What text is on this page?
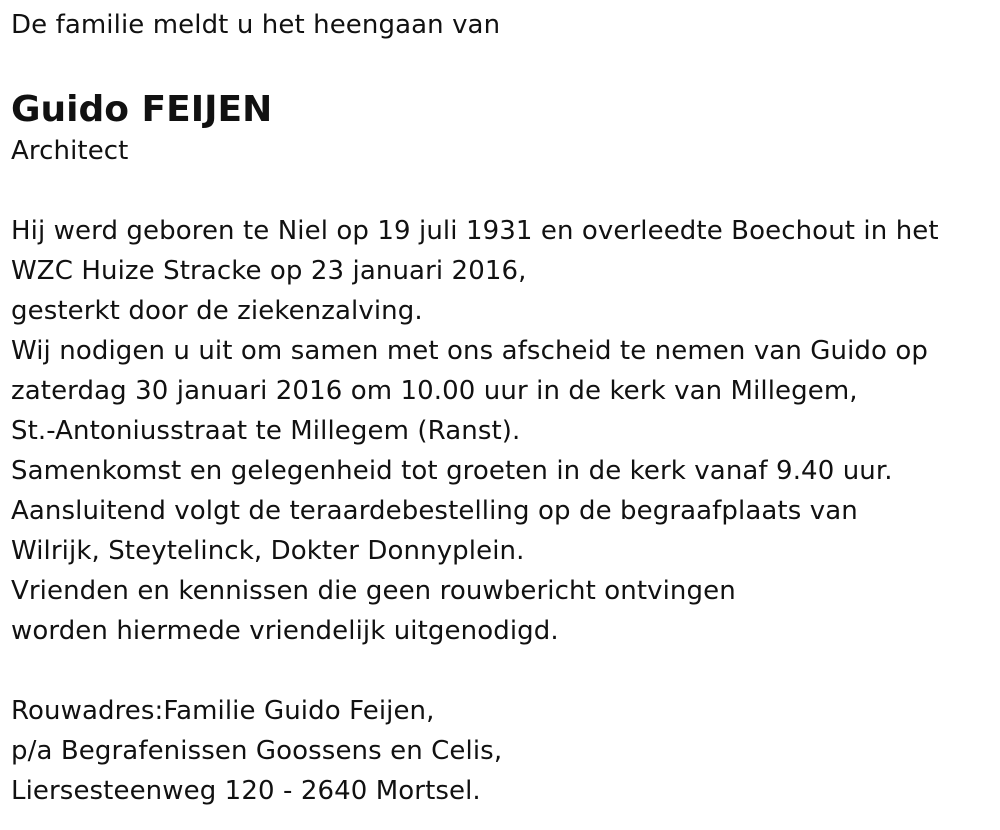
De familie meldt u het heengaan van
Guido FEIJEN
Architect
Hij werd geboren te Niel op 19 juli 1931 en overleedte Boechout in het
WZC Huize Stracke op 23 januari 2016,
gesterkt door de ziekenzalving.
Wij nodigen u uit om samen met ons afscheid te nemen van Guido op
zaterdag 30 januari 2016 om 10.00 uur in de kerk van Millegem,
St.-Antoniusstraat te Millegem (Ranst).
Samenkomst en gelegenheid tot groeten in de kerk vanaf 9.40 uur.
Aansluitend volgt de teraardebestelling op de begraafplaats van
Wilrijk, Steytelinck, Dokter Donnyplein.
Vrienden en kennissen die geen rouwbericht ontvingen
worden hiermede vriendelijk uitgenodigd.
Rouwadres:Familie Guido Feijen,
p/a Begrafenissen Goossens en Celis,
Liersesteenweg 120 - 2640 Mortsel.
